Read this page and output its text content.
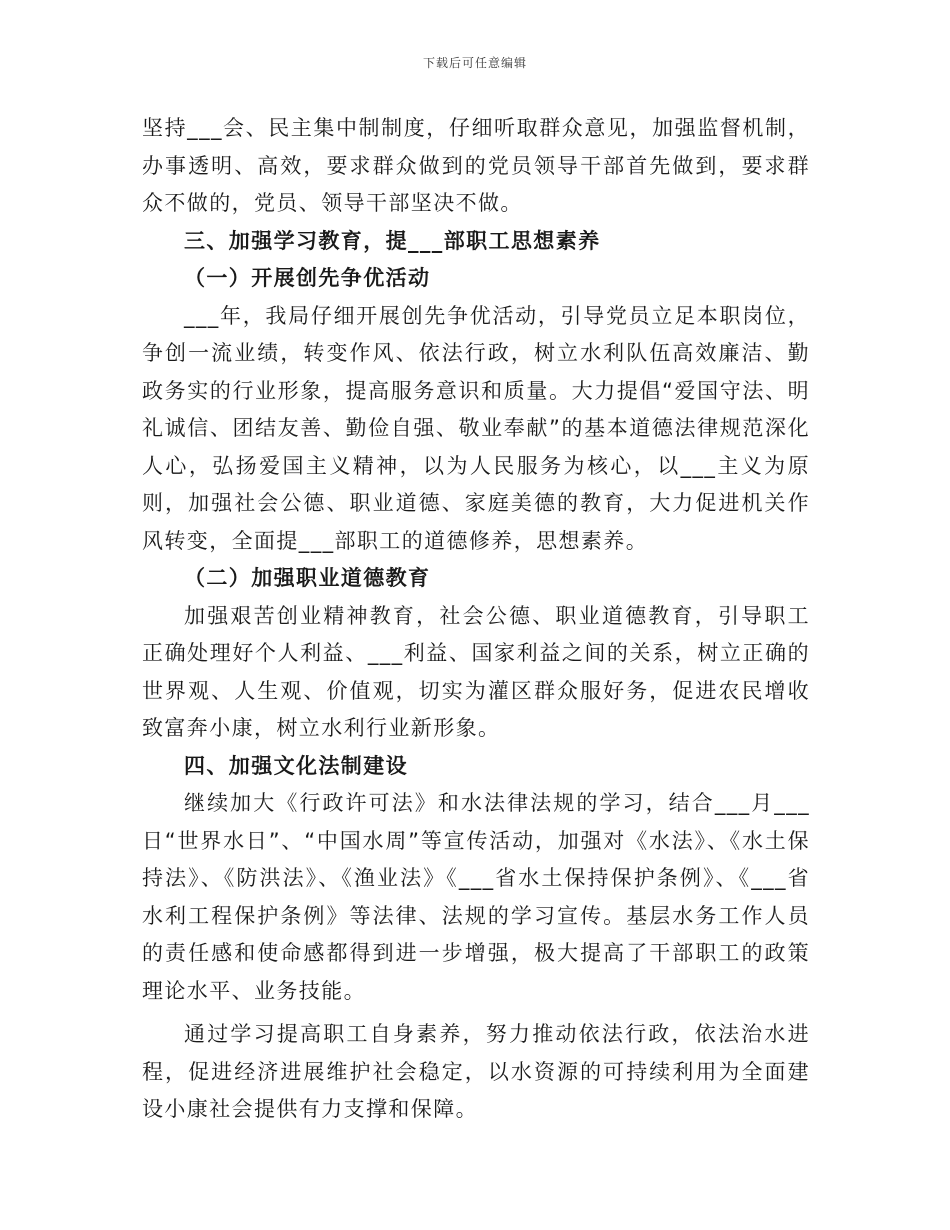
下载后可任意编辑

坚持___会、民主集中制制度，仔细听取群众意见，加强监督机制，办事透明、高效，要求群众做到的党员领导干部首先做到，要求群众不做的，党员、领导干部坚决不做。

三、加强学习教育，提___部职工思想素养

（一）开展创先争优活动

___年，我局仔细开展创先争优活动，引导党员立足本职岗位，争创一流业绩，转变作风、依法行政，树立水利队伍高效廉洁、勤政务实的行业形象，提高服务意识和质量。大力提倡“爱国守法、明礼诚信、团结友善、勤俭自强、敬业奉献”的基本道德法律规范深化人心，弘扬爱国主义精神，以为人民服务为核心，以___主义为原则，加强社会公德、职业道德、家庭美德的教育，大力促进机关作风转变，全面提___部职工的道德修养，思想素养。

（二）加强职业道德教育

加强艰苦创业精神教育，社会公德、职业道德教育，引导职工正确处理好个人利益、___利益、国家利益之间的关系，树立正确的世界观、人生观、价值观，切实为灌区群众服好务，促进农民增收致富奔小康，树立水利行业新形象。

四、加强文化法制建设

继续加大《行政许可法》和水法律法规的学习，结合___月___日“世界水日”、“中国水周”等宣传活动，加强对《水法》、《水土保持法》、《防洪法》、《渔业法》《___省水土保持保护条例》、《___省水利工程保护条例》等法律、法规的学习宣传。基层水务工作人员的责任感和使命感都得到进一步增强，极大提高了干部职工的政策理论水平、业务技能。

通过学习提高职工自身素养，努力推动依法行政，依法治水进程，促进经济进展维护社会稳定，以水资源的可持续利用为全面建设小康社会提供有力支撑和保障。
